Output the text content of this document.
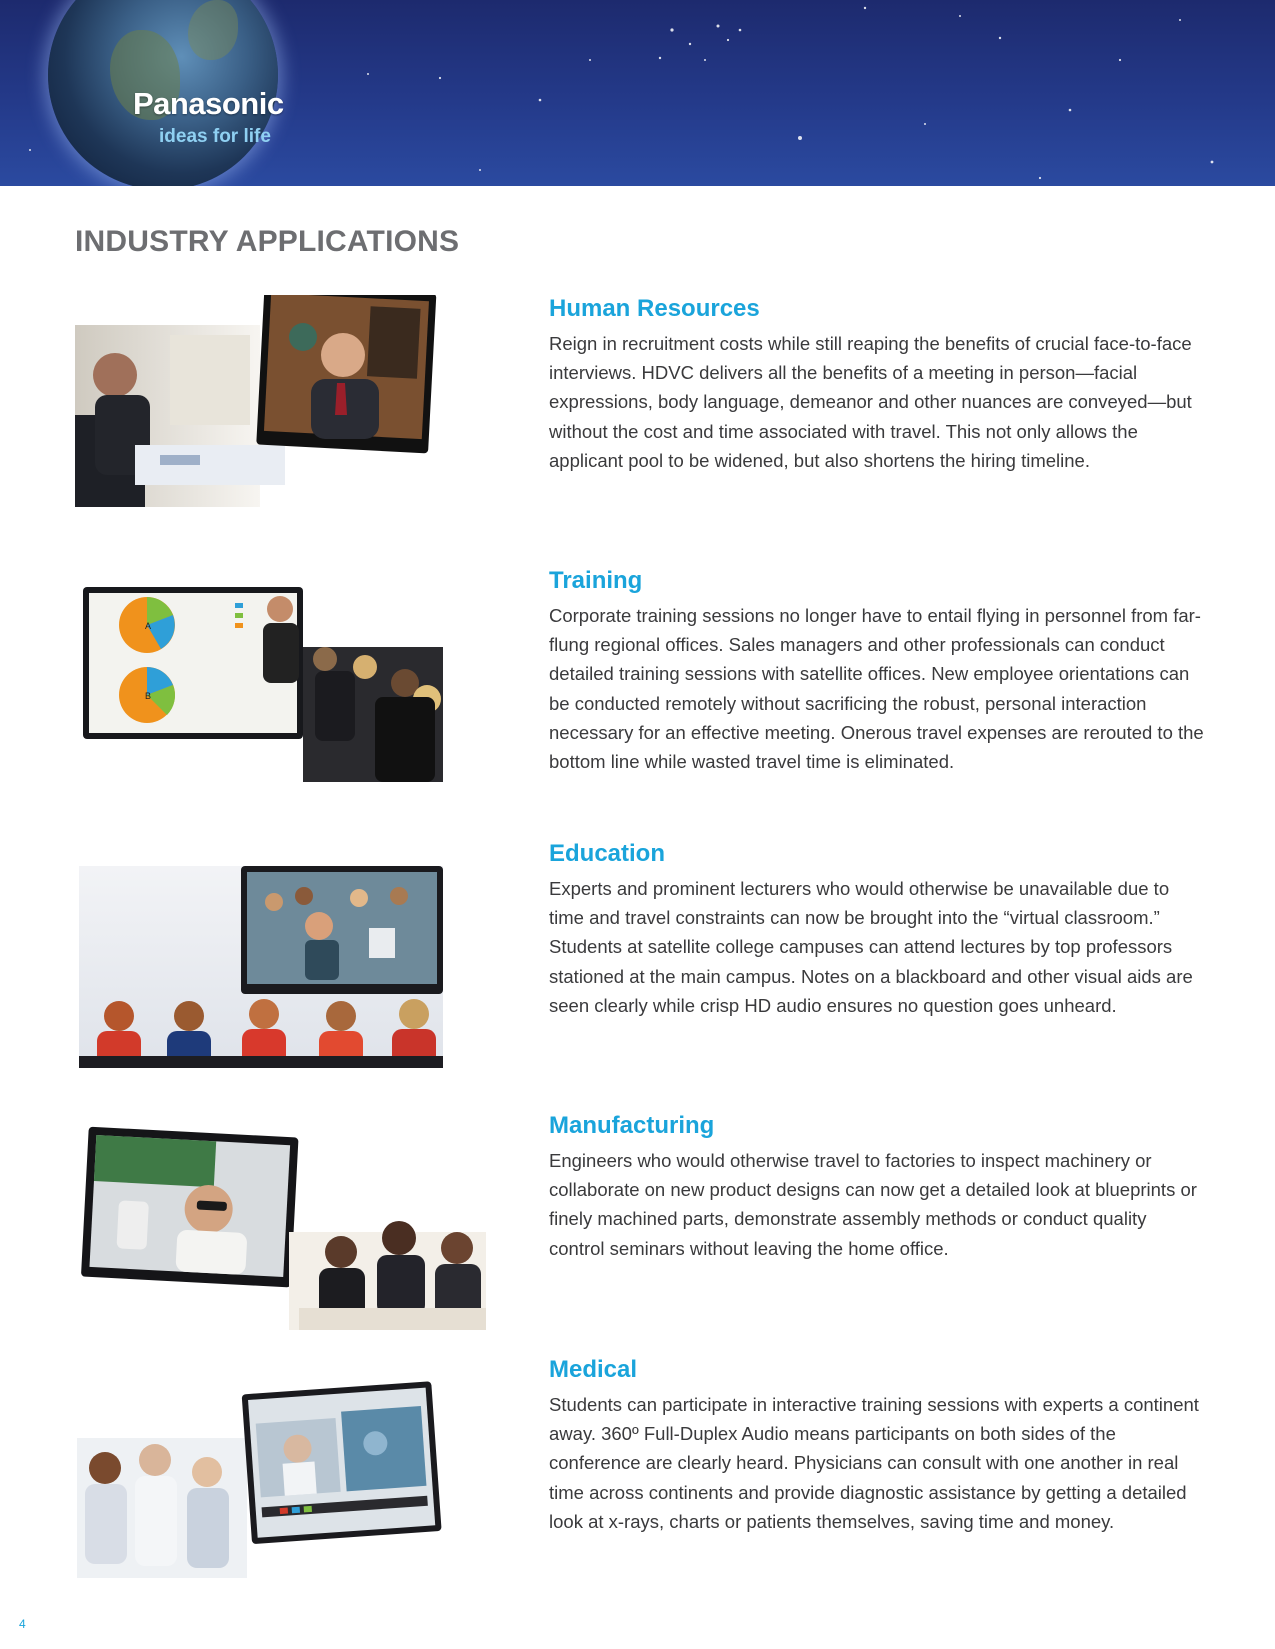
Panasonic
ideas for life
INDUSTRY APPLICATIONS
Human Resources

Reign in recruitment costs while still reaping the benefits of crucial face-to-face interviews. HDVC delivers all the benefits of a meeting in person—facial expressions, body language, demeanor and other nuances are conveyed—but without the cost and time associated with travel. This not only allows the applicant pool to be widened, but also shortens the hiring timeline.

A
B
Training

Corporate training sessions no longer have to entail flying in personnel from far-flung regional offices. Sales managers and other professionals can conduct detailed training sessions with satellite offices. New employee orientations can be conducted remotely without sacrificing the robust, personal interaction necessary for an effective meeting. Onerous travel expenses are rerouted to the bottom line while wasted travel time is eliminated.

Education

Experts and prominent lecturers who would otherwise be unavailable due to time and travel constraints can now be brought into the “virtual classroom.” Students at satellite college campuses can attend lectures by top professors stationed at the main campus. Notes on a blackboard and other visual aids are seen clearly while crisp HD audio ensures no question goes unheard.

Manufacturing

Engineers who would otherwise travel to factories to inspect machinery or collaborate on new product designs can now get a detailed look at blueprints or finely machined parts, demonstrate assembly methods or conduct quality control seminars without leaving the home office.

Medical

Students can participate in interactive training sessions with experts a continent away. 360º Full-Duplex Audio means participants on both sides of the conference are clearly heard. Physicians can consult with one another in real time across continents and provide diagnostic assistance by getting a detailed look at x-rays, charts or patients themselves, saving time and money.

4
